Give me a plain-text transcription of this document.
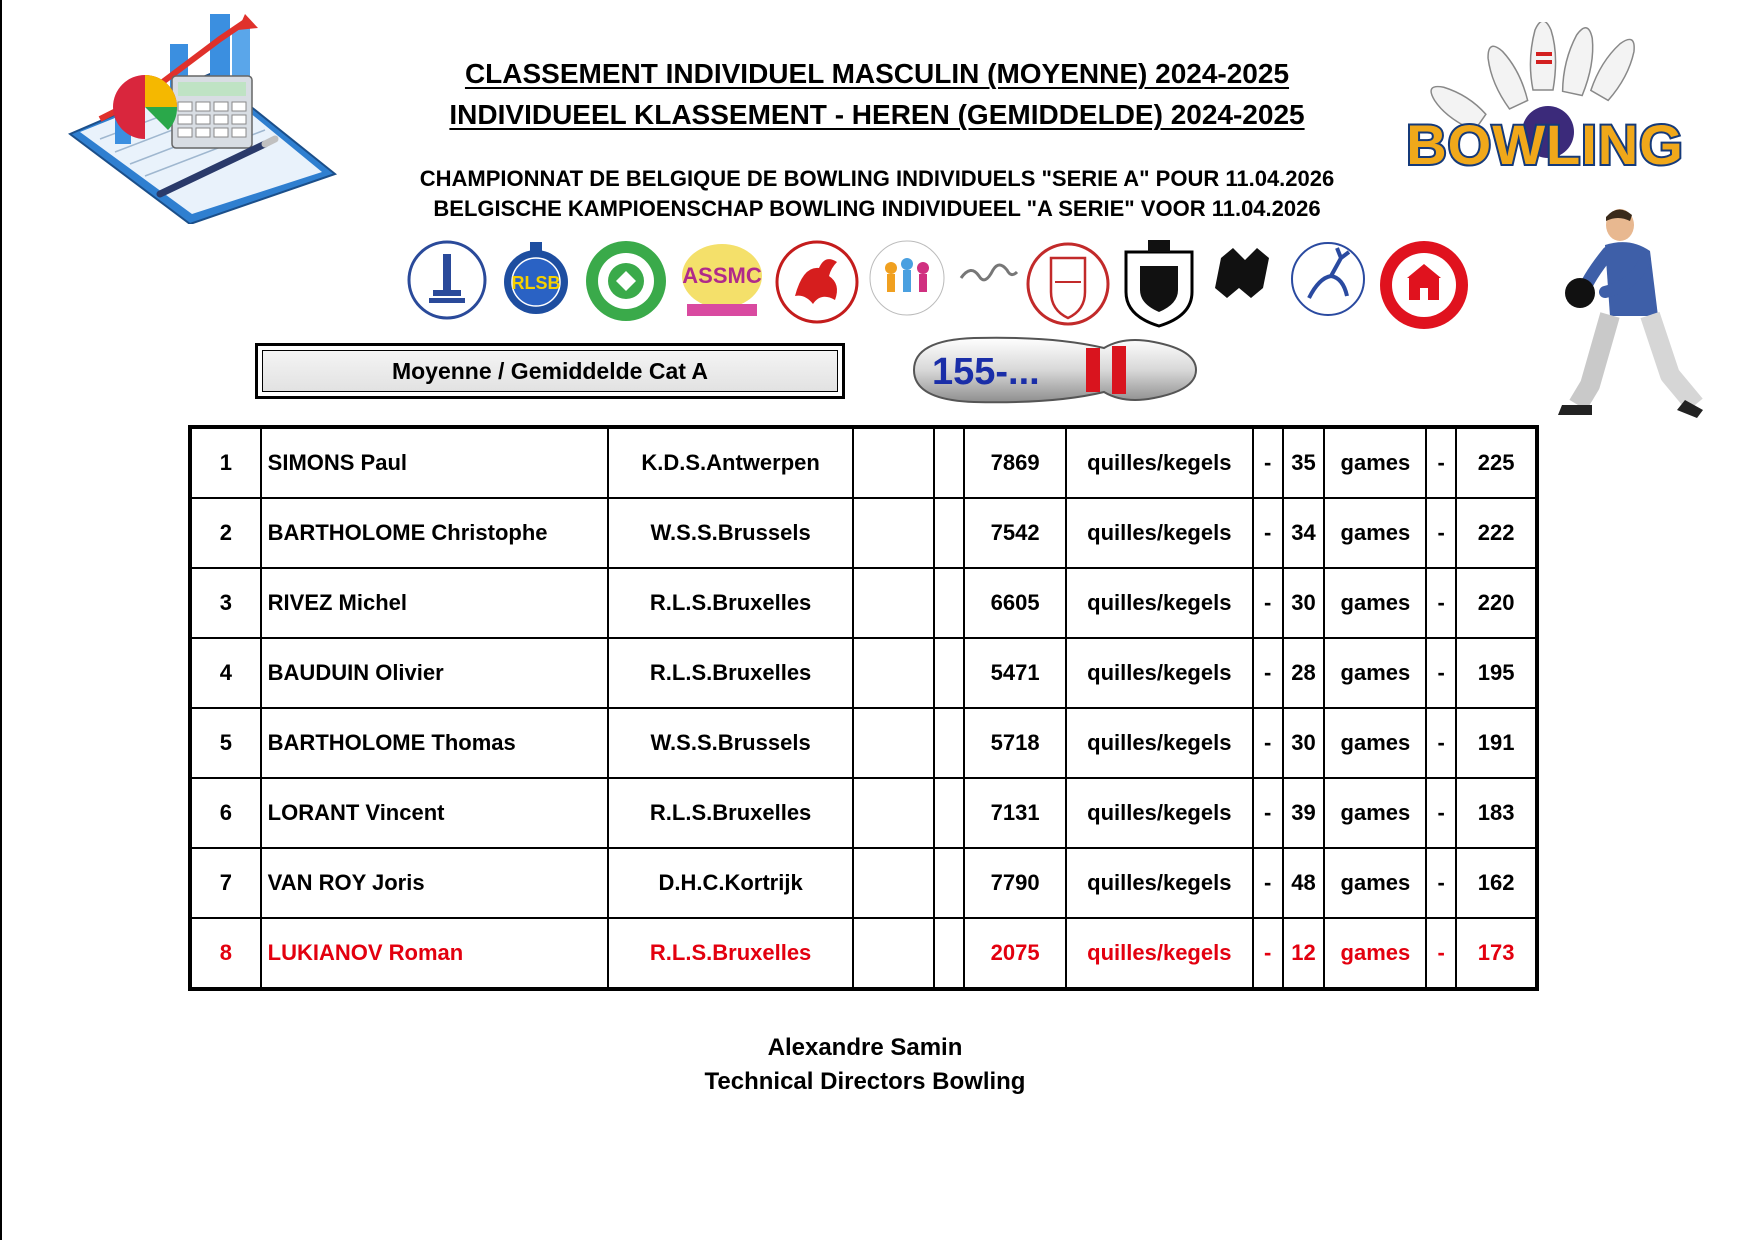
CLASSEMENT INDIVIDUEL MASCULIN (MOYENNE) 2024-2025
INDIVIDUEEL KLASSEMENT - HEREN (GEMIDDELDE) 2024-2025
CHAMPIONNAT DE BELGIQUE DE BOWLING INDIVIDUELS "SERIE A" POUR 11.04.2026
BELGISCHE KAMPIOENSCHAP BOWLING INDIVIDUEEL "A SERIE" VOOR 11.04.2026
BOWLING
RLSB	ASSMC
Moyenne / Gemiddelde Cat A	155-...
1	SIMONS Paul	K.D.S.Antwerpen			7869	quilles/kegels	-	35	games	-	225
2	BARTHOLOME Christophe	W.S.S.Brussels			7542	quilles/kegels	-	34	games	-	222
3	RIVEZ Michel	R.L.S.Bruxelles			6605	quilles/kegels	-	30	games	-	220
4	BAUDUIN Olivier	R.L.S.Bruxelles			5471	quilles/kegels	-	28	games	-	195
5	BARTHOLOME Thomas	W.S.S.Brussels			5718	quilles/kegels	-	30	games	-	191
6	LORANT Vincent	R.L.S.Bruxelles			7131	quilles/kegels	-	39	games	-	183
7	VAN ROY Joris	D.H.C.Kortrijk			7790	quilles/kegels	-	48	games	-	162
8	LUKIANOV Roman	R.L.S.Bruxelles			2075	quilles/kegels	-	12	games	-	173
Alexandre Samin
Technical Directors Bowling
